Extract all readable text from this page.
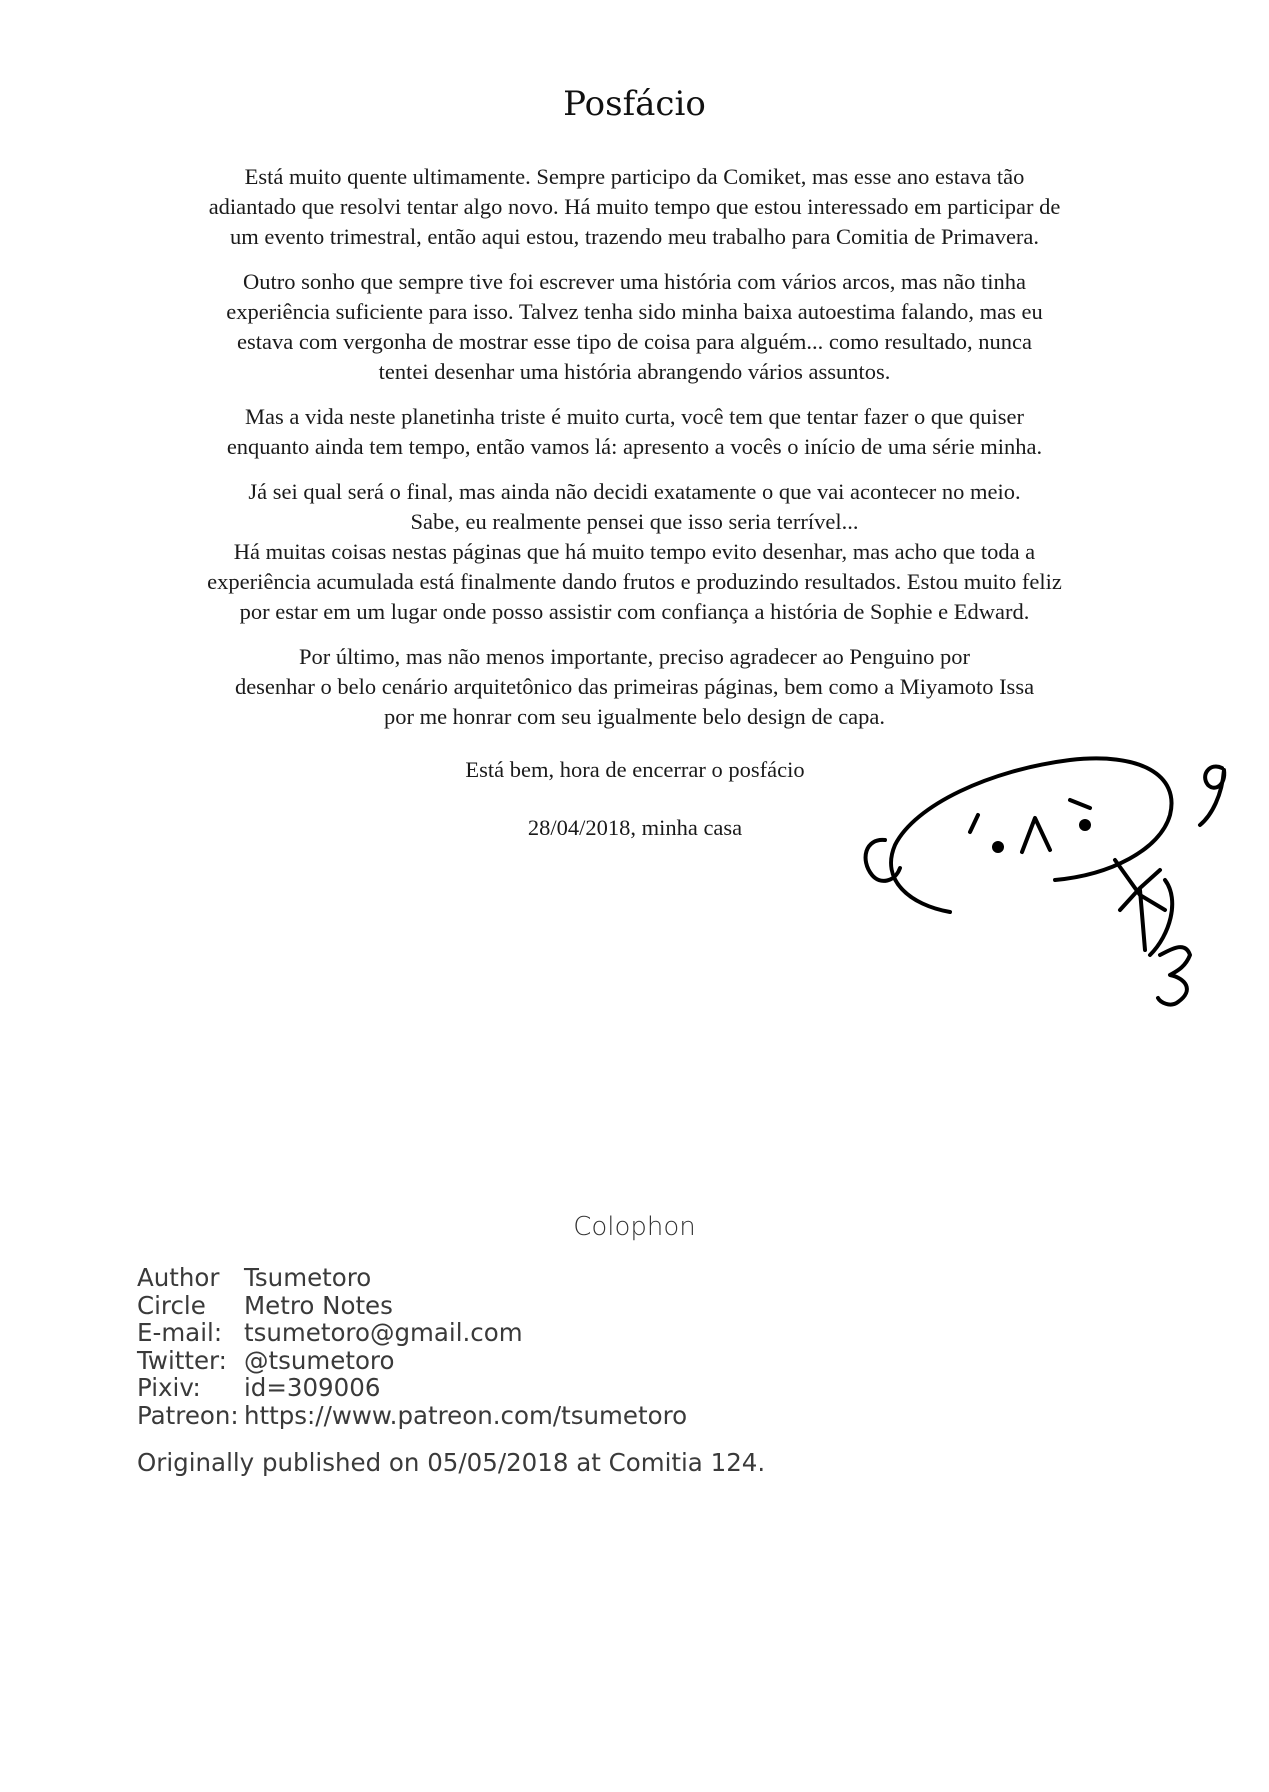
Posfácio

Está muito quente ultimamente. Sempre participo da Comiket, mas esse ano estava tão
adiantado que resolvi tentar algo novo. Há muito tempo que estou interessado em participar de
um evento trimestral, então aqui estou, trazendo meu trabalho para Comitia de Primavera.

Outro sonho que sempre tive foi escrever uma história com vários arcos, mas não tinha
experiência suficiente para isso. Talvez tenha sido minha baixa autoestima falando, mas eu
estava com vergonha de mostrar esse tipo de coisa para alguém... como resultado, nunca
tentei desenhar uma história abrangendo vários assuntos.

Mas a vida neste planetinha triste é muito curta, você tem que tentar fazer o que quiser
enquanto ainda tem tempo, então vamos lá: apresento a vocês o início de uma série minha.

Já sei qual será o final, mas ainda não decidi exatamente o que vai acontecer no meio.
Sabe, eu realmente pensei que isso seria terrível...
Há muitas coisas nestas páginas que há muito tempo evito desenhar, mas acho que toda a
experiência acumulada está finalmente dando frutos e produzindo resultados. Estou muito feliz
por estar em um lugar onde posso assistir com confiança a história de Sophie e Edward.

Por último, mas não menos importante, preciso agradecer ao Penguino por
desenhar o belo cenário arquitetônico das primeiras páginas, bem como a Miyamoto Issa
por me honrar com seu igualmente belo design de capa.

Está bem, hora de encerrar o posfácio
28/04/2018, minha casa
Colophon
Author	Tsumetoro
Circle	Metro Notes
E-mail: tsumetoro@gmail.com
Twitter: @tsumetoro
Pixiv:	id=309006
Patreon: https://www.patreon.com/tsumetoro
Originally published on 05/05/2018 at Comitia 124.
